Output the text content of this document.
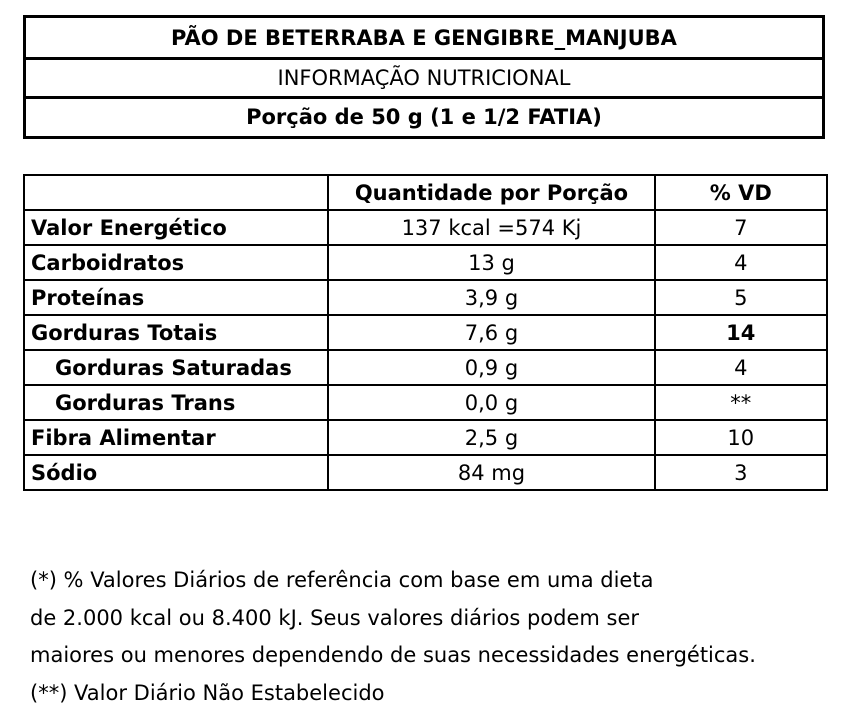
PÃO DE BETERRABA E GENGIBRE_MANJUBA
INFORMAÇÃO NUTRICIONAL
Porção de 50 g (1 e 1/2 FATIA)
	Quantidade por Porção	% VD
Valor Energético	137 kcal =574 Kj	7
Carboidratos	13 g	4
Proteínas	3,9 g	5
Gorduras Totais	7,6 g	14
Gorduras Saturadas	0,9 g	4
Gorduras Trans	0,0 g	**
Fibra Alimentar	2,5 g	10
Sódio	84 mg	3
(*) % Valores Diários de referência com base em uma dieta
de 2.000 kcal ou 8.400 kJ. Seus valores diários podem ser
maiores ou menores dependendo de suas necessidades energéticas.
(**) Valor Diário Não Estabelecido
